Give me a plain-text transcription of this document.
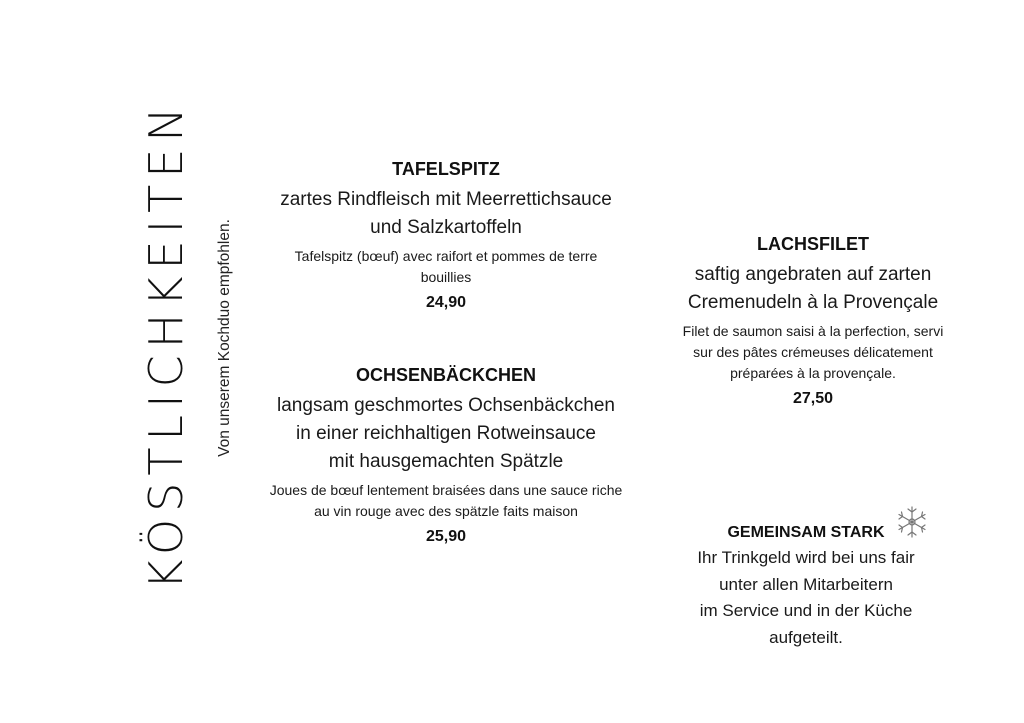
KÖSTLICHKEITEN Von unserem Kochduo empfohlen.
TAFELSPITZ
zartes Rindfleisch mit Meerrettichsauce
und Salzkartoffeln
Tafelspitz (bœuf) avec raifort et pommes de terre
bouillies
24,90
OCHSENBÄCKCHEN
langsam geschmortes Ochsenbäckchen
in einer reichhaltigen Rotweinsauce
mit hausgemachten Spätzle
Joues de bœuf lentement braisées dans une sauce riche
au vin rouge avec des spätzle faits maison
25,90
LACHSFILET
saftig angebraten auf zarten
Cremenudeln à la Provençale
Filet de saumon saisi à la perfection, servi
sur des pâtes crémeuses délicatement
préparées à la provençale.
27,50
GEMEINSAM STARK
Ihr Trinkgeld wird bei uns fair
unter allen Mitarbeitern
im Service und in der Küche
aufgeteilt.
